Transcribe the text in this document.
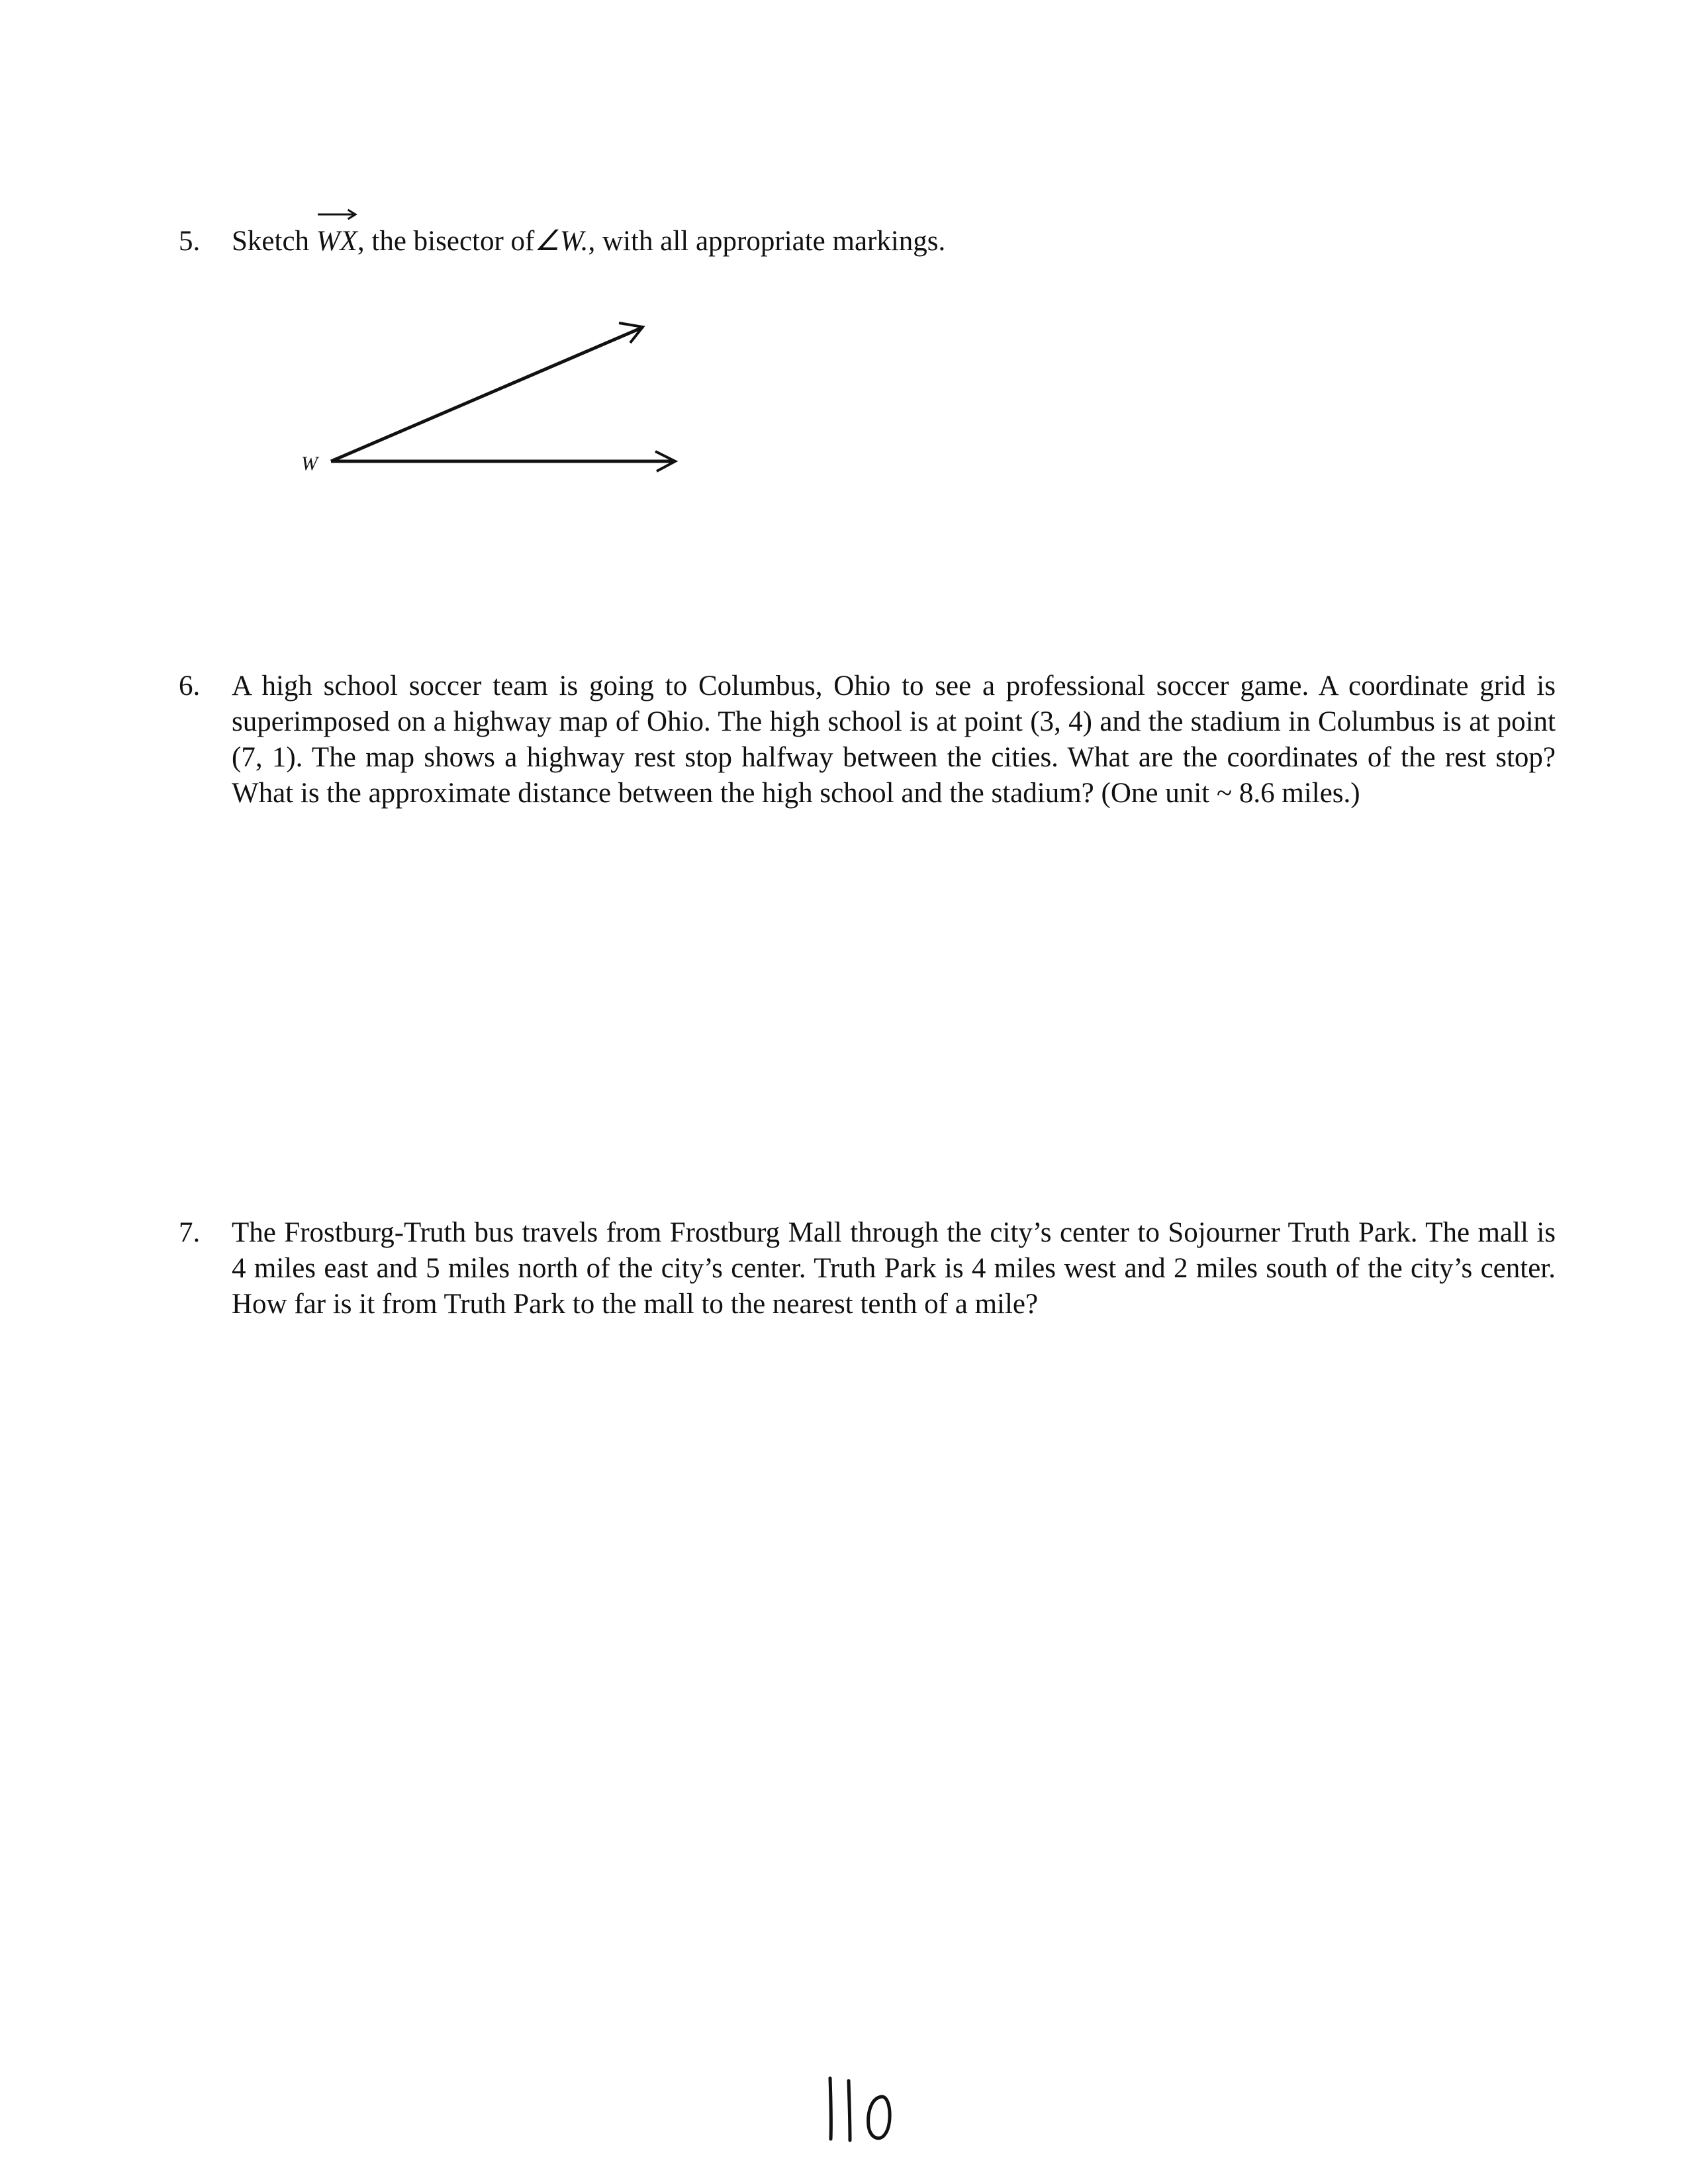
5.	Sketch WX, the bisector of∠W., with all appropriate markings.
W
6.	A high school soccer team is going to Columbus, Ohio to see a professional soccer game. A coordinate grid is superimposed on a highway map of Ohio. The high school is at point (3, 4) and the stadium in Columbus is at point (7, 1). The map shows a highway rest stop halfway between the cities. What are the coordinates of the rest stop? What is the approximate distance between the high school and the stadium? (One unit ~ 8.6 miles.)
7.	The Frostburg-Truth bus travels from Frostburg Mall through the city’s center to Sojourner Truth Park. The mall is 4 miles east and 5 miles north of the city’s center. Truth Park is 4 miles west and 2 miles south of the city’s center. How far is it from Truth Park to the mall to the nearest tenth of a mile?
